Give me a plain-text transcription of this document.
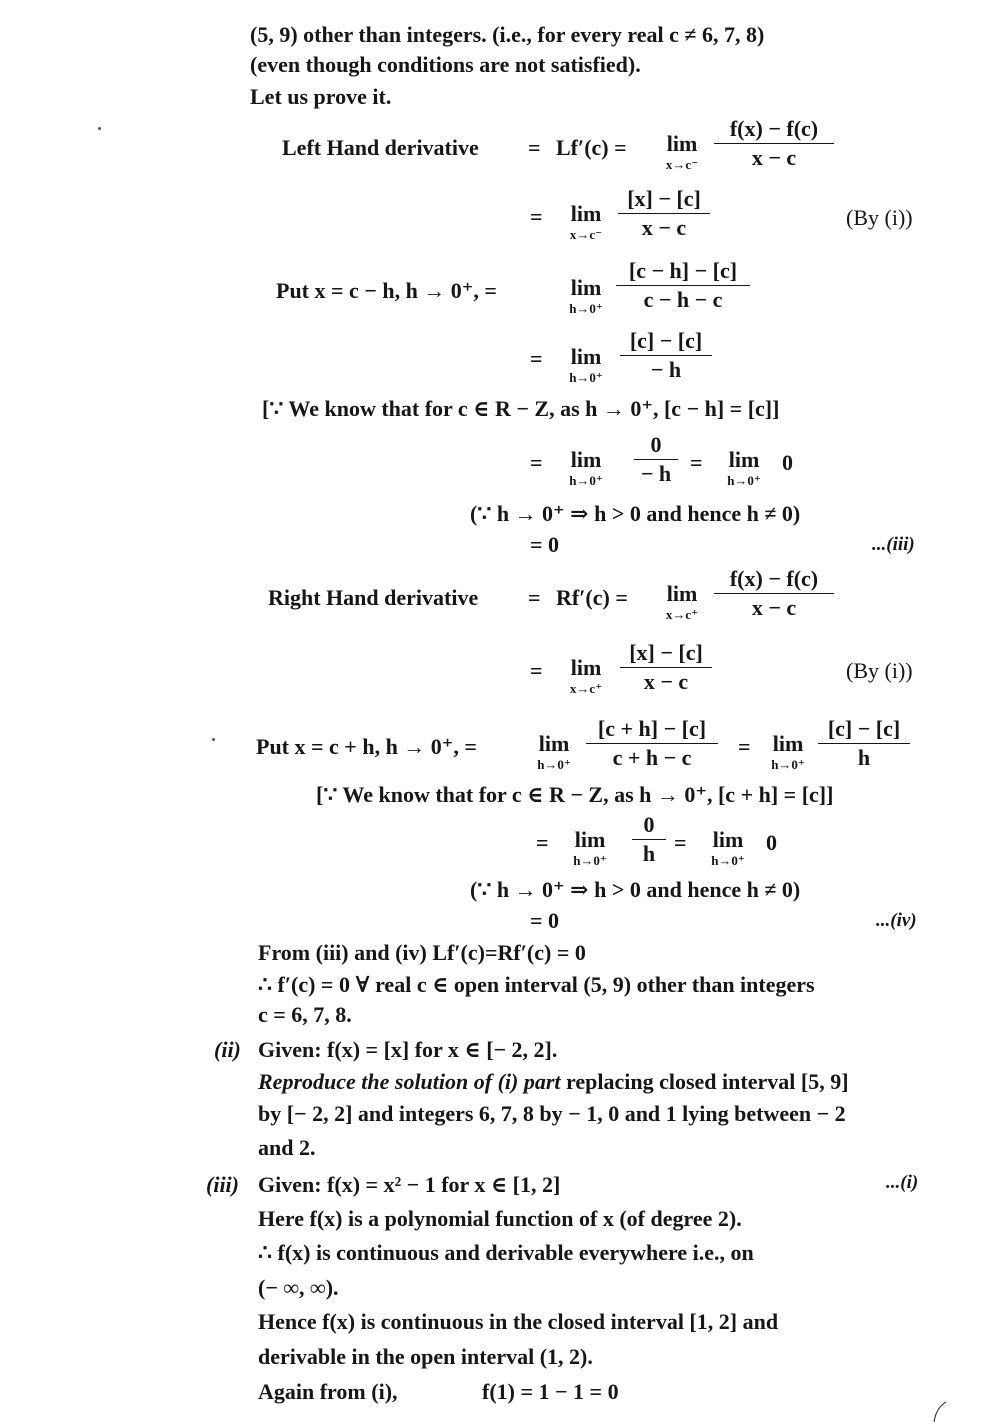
(5, 9) other than integers. (i.e., for every real c ≠ 6, 7, 8)
(even though conditions are not satisfied).
Let us prove it.
Left Hand derivative = Lf′(c) =	lim
$x\to c^- \frac{f(x) - f(c)}{x - c}$
=	lim
$x\to c^- \frac{[x] - [c]}{x - c}$	(By (i))
Put x = c − h, h → 0⁺, =	lim
$h\to 0^+ \frac{[c - h] - [c]}{c - h - c}$
=	lim
$h\to 0^+ \frac{[c] - [c]}{- h}$
[∵ We know that for c ∈ R − Z, as h → 0⁺, [c − h] = [c]]
=	lim
h→0⁺	$\frac{0}{- h}$ =	lim
h→0⁺
0
(∵ h → 0⁺ ⇒ h > 0 and hence h ≠ 0)
= 0	...(iii)
Right Hand derivative = Rf′(c) =	lim
$x\to c^+ \frac{f(x) - f(c)}{x - c}$
=	lim
$x\to c^+ \frac{[x] - [c]}{x - c}$	(By (i))
Put x = c + h, h → 0⁺, =	lim
$h\to 0^+ \frac{[c + h] - [c]}{c + h - c}$ =	lim
$h\to 0^+ \frac{[c] - [c]}{h}$
[∵ We know that for c ∈ R − Z, as h → 0⁺, [c + h] = [c]]
=	lim
h→0⁺	$\frac{0}{h}$ =	lim
h→0⁺
0
(∵ h → 0⁺ ⇒ h > 0 and hence h ≠ 0)
= 0	...(iv)
From (iii) and (iv) Lf′(c)=Rf′(c) = 0
∴ f′(c) = 0 ∀ real c ∈ open interval (5, 9) other than integers
c = 6, 7, 8.
(ii) Given: f(x) = [x] for x ∈ [− 2, 2].
Reproduce the solution of (i) part replacing closed interval [5, 9]
by [− 2, 2] and integers 6, 7, 8 by − 1, 0 and 1 lying between − 2
and 2.
(iii) Given: f(x) = x² − 1 for x ∈ [1, 2]	...(i)
Here f(x) is a polynomial function of x (of degree 2).
∴ f(x) is continuous and derivable everywhere i.e., on
(− ∞, ∞).
Hence f(x) is continuous in the closed interval [1, 2] and
derivable in the open interval (1, 2).
Again from (i),	f(1) = 1 − 1 = 0
